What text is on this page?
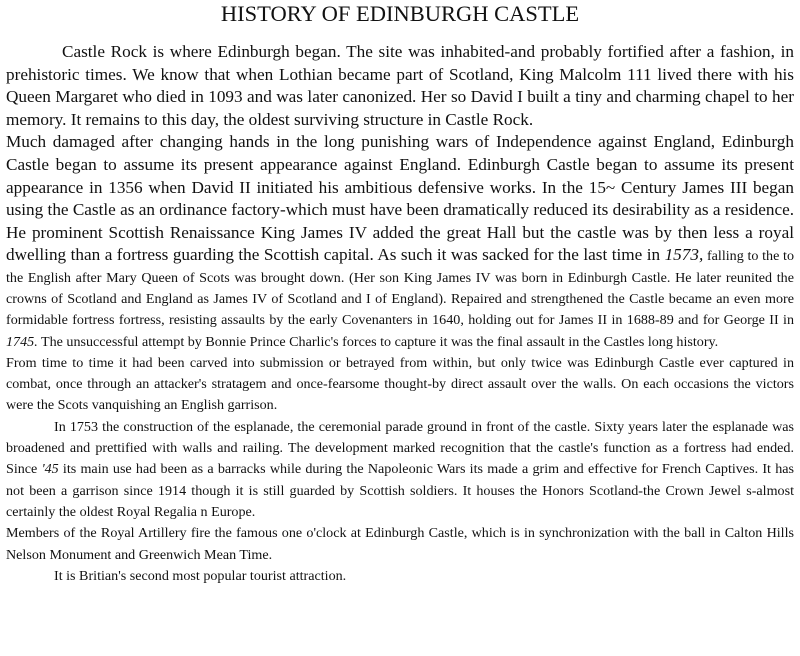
HISTORY OF EDINBURGH CASTLE

Castle Rock is where Edinburgh began. The site was inhabited-and probably fortified after a fashion, in prehistoric times. We know that when Lothian became part of Scotland, King Malcolm 111 lived there with his Queen Margaret who died in 1093 and was later canonized. Her so David I built a tiny and charming chapel to her memory. It remains to this day, the oldest surviving structure in Castle Rock.

Much damaged after changing hands in the long punishing wars of Independence against England, Edinburgh Castle began to assume its present appearance against England. Edinburgh Castle began to assume its present appearance in 1356 when David II initiated his ambitious defensive works. In the 15~ Century James III began using the Castle as an ordinance factory-which must have been dramatically reduced its desirability as a residence. He prominent Scottish Renaissance King James IV added the great Hall but the castle was by then less a royal dwelling than a fortress guarding the Scottish capital. As such it was sacked for the last time in 1573, falling to the to the English after Mary Queen of Scots was brought down. (Her son King James IV was born in Edinburgh Castle. He later reunited the crowns of Scotland and England as James IV of Scotland and I of England). Repaired and strengthened the Castle became an even more formidable fortress fortress, resisting assaults by the early Covenanters in 1640, holding out for James II in 1688-89 and for George II in 1745. The unsuccessful attempt by Bonnie Prince Charlic's forces to capture it was the final assault in the Castles long history.

From time to time it had been carved into submission or betrayed from within, but only twice was Edinburgh Castle ever captured in combat, once through an attacker's stratagem and once-fearsome thought-by direct assault over the walls. On each occasions the victors were the Scots vanquishing an English garrison.

In 1753 the construction of the esplanade, the ceremonial parade ground in front of the castle. Sixty years later the esplanade was broadened and prettified with walls and railing. The development marked recognition that the castle's function as a fortress had ended. Since '45 its main use had been as a barracks while during the Napoleonic Wars its made a grim and effective for French Captives. It has not been a garrison since 1914 though it is still guarded by Scottish soldiers. It houses the Honors Scotland-the Crown Jewel s-almost certainly the oldest Royal Regalia n Europe.

Members of the Royal Artillery fire the famous one o'clock at Edinburgh Castle, which is in synchronization with the ball in Calton Hills Nelson Monument and Greenwich Mean Time.

It is Britian's second most popular tourist attraction.
